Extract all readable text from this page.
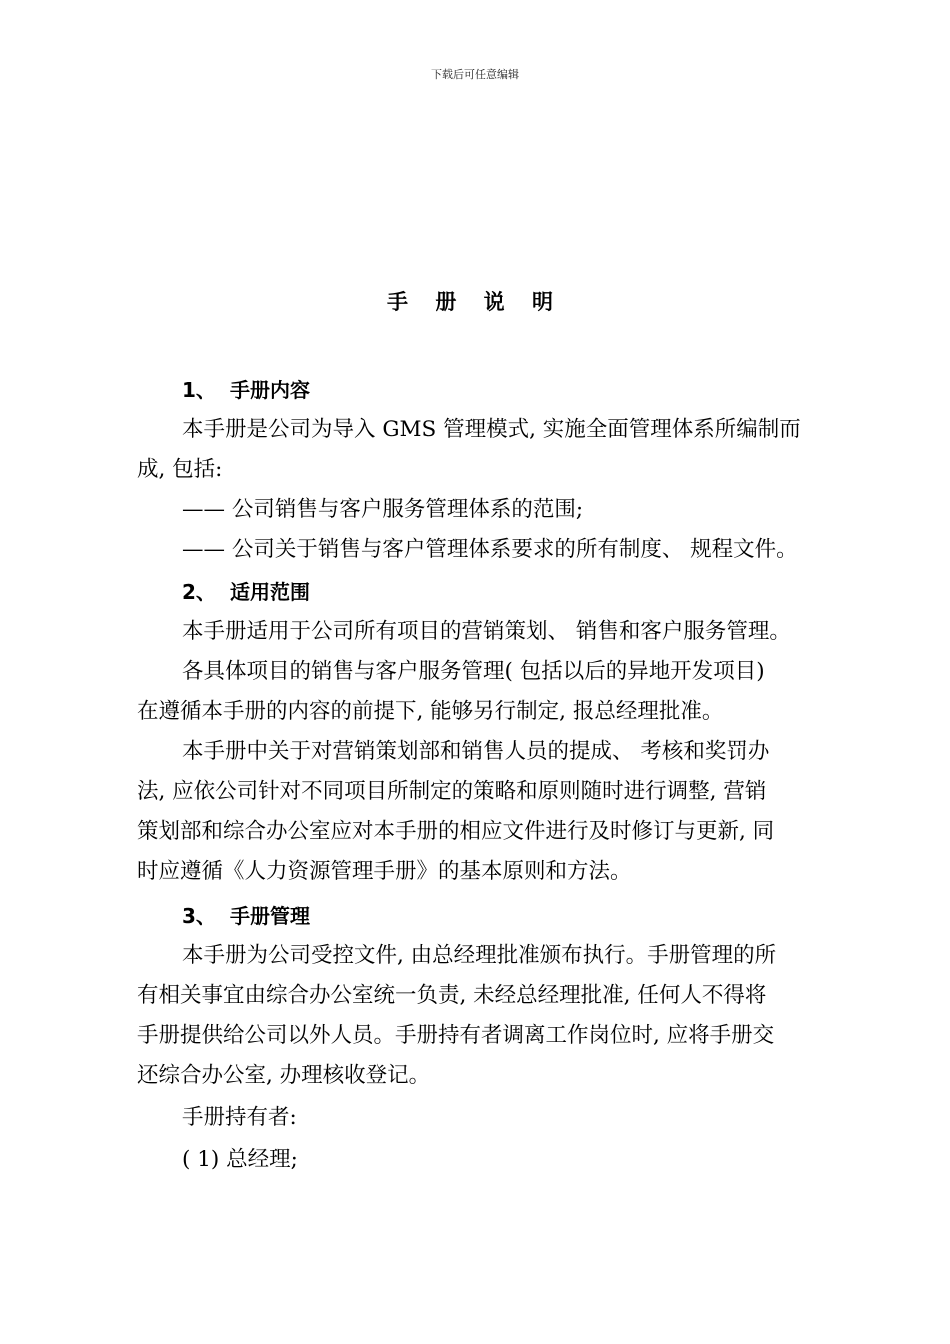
下载后可任意编辑
手 册 说 明
1、 手册内容
本手册是公司为导入 GMS 管理模式, 实施全面管理体系所编制而
成, 包括:
—— 公司销售与客户服务管理体系的范围;
—— 公司关于销售与客户管理体系要求的所有制度、 规程文件。
2、 适用范围
本手册适用于公司所有项目的营销策划、 销售和客户服务管理。
各具体项目的销售与客户服务管理( 包括以后的异地开发项目)
在遵循本手册的内容的前提下, 能够另行制定, 报总经理批准。
本手册中关于对营销策划部和销售人员的提成、 考核和奖罚办
法, 应依公司针对不同项目所制定的策略和原则随时进行调整, 营销
策划部和综合办公室应对本手册的相应文件进行及时修订与更新, 同
时应遵循《人力资源管理手册》的基本原则和方法。
3、 手册管理
本手册为公司受控文件, 由总经理批准颁布执行。手册管理的所
有相关事宜由综合办公室统一负责, 未经总经理批准, 任何人不得将
手册提供给公司以外人员。手册持有者调离工作岗位时, 应将手册交
还综合办公室, 办理核收登记。
手册持有者:
( 1) 总经理;
